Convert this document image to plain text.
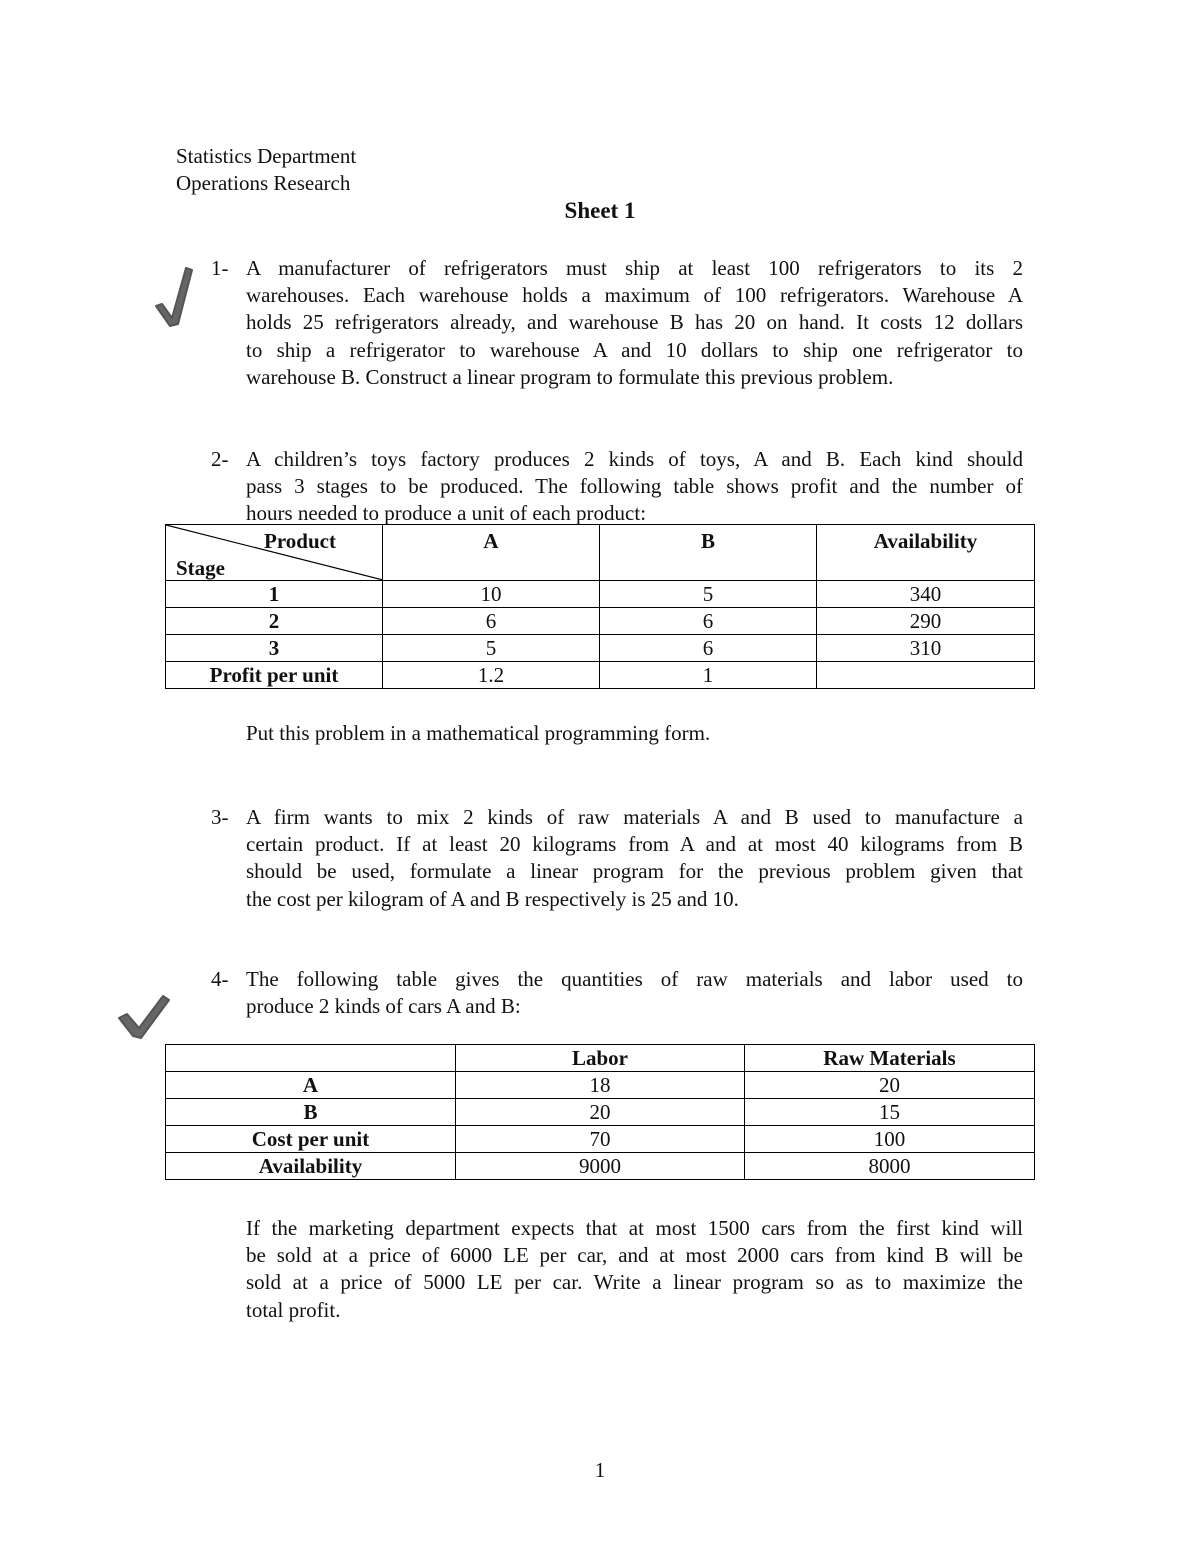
Statistics Department
Operations Research
Sheet 1
1- A manufacturer of refrigerators must ship at least 100 refrigerators to its 2
warehouses. Each warehouse holds a maximum of 100 refrigerators. Warehouse A
holds 25 refrigerators already, and warehouse B has 20 on hand. It costs 12 dollars
to ship a refrigerator to warehouse A and 10 dollars to ship one refrigerator to
warehouse B. Construct a linear program to formulate this previous problem.
2- A children’s toys factory produces 2 kinds of toys, A and B. Each kind should
pass 3 stages to be produced. The following table shows profit and the number of
hours needed to produce a unit of each product:
Product
Stage	A	B	Availability
1	10	5	340
2	6	6	290
3	5	6	310
Profit per unit	1.2	1	
Put this problem in a mathematical programming form.
3- A firm wants to mix 2 kinds of raw materials A and B used to manufacture a
certain product. If at least 20 kilograms from A and at most 40 kilograms from B
should be used, formulate a linear program for the previous problem given that
the cost per kilogram of A and B respectively is 25 and 10.
4- The following table gives the quantities of raw materials and labor used to
produce 2 kinds of cars A and B:
	Labor	Raw Materials
A	18	20
B	20	15
Cost per unit	70	100
Availability	9000	8000
If the marketing department expects that at most 1500 cars from the first kind will
be sold at a price of 6000 LE per car, and at most 2000 cars from kind B will be
sold at a price of 5000 LE per car. Write a linear program so as to maximize the
total profit.
1
